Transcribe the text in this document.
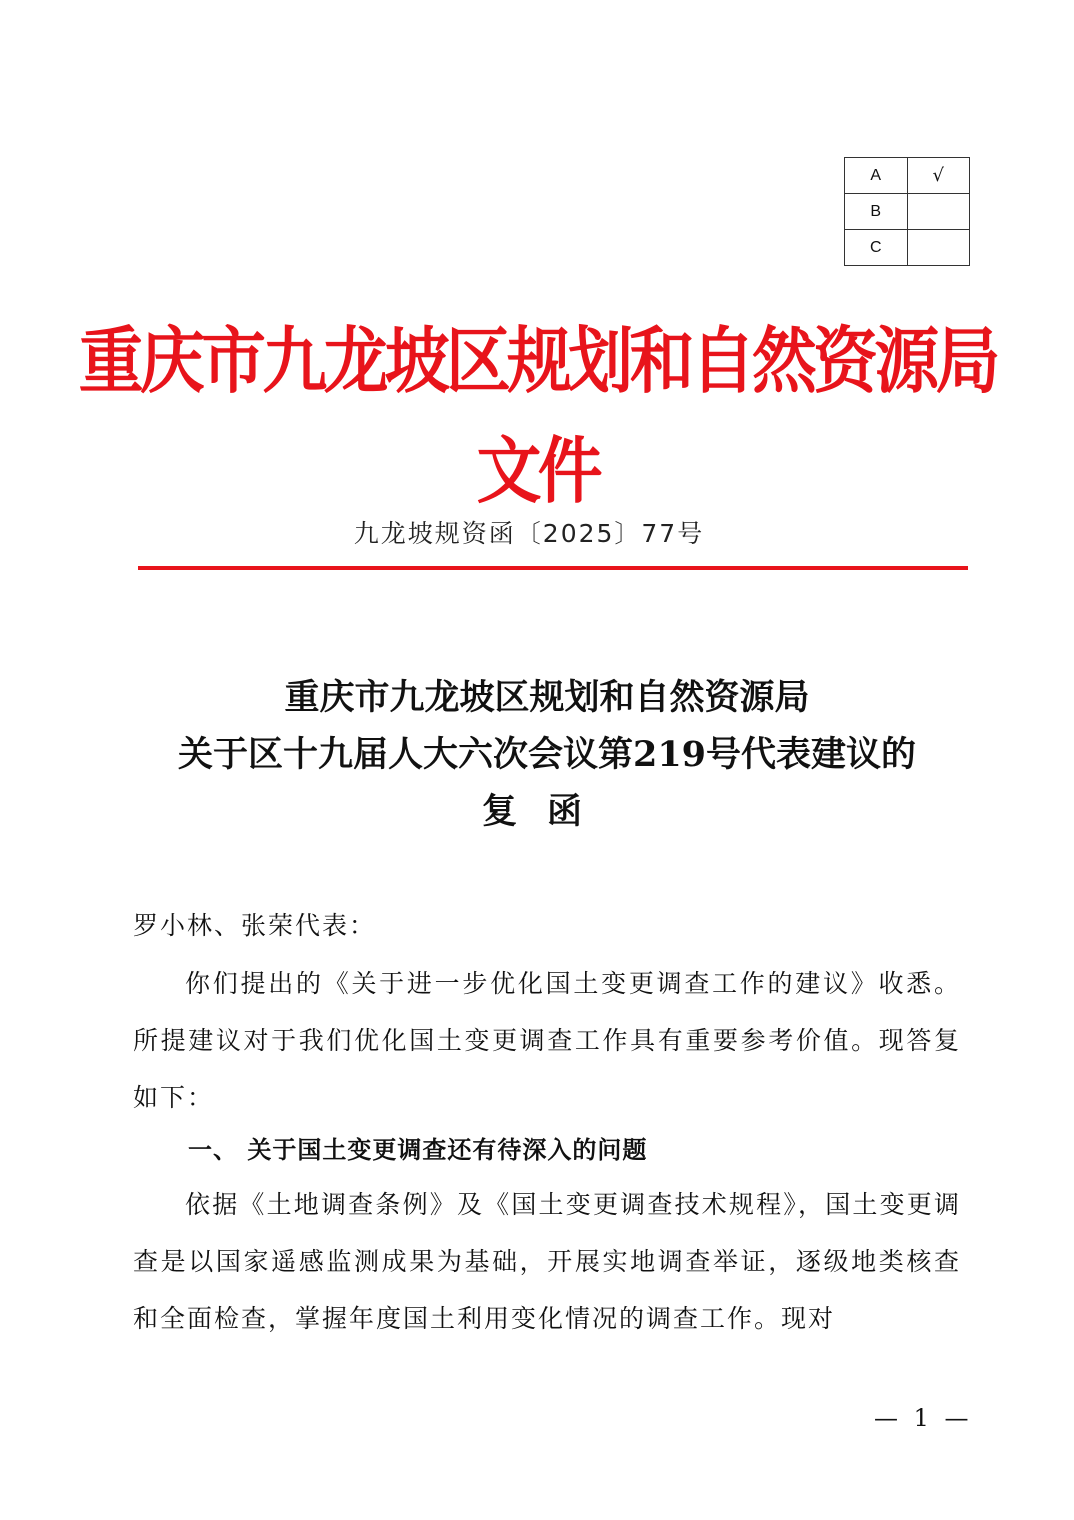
A	√
B	
C	
重庆市九龙坡区规划和自然资源局文件
九龙坡规资函〔2025〕77号
重庆市九龙坡区规划和自然资源局
关于区十九届人大六次会议第219号代表建议的
复函
罗小林、张荣代表：
你们提出的《关于进一步优化国土变更调查工作的建议》收悉。所提建议对于我们优化国土变更调查工作具有重要参考价值。现答复如下：
一、 关于国土变更调查还有待深入的问题
依据《土地调查条例》及《国土变更调查技术规程》，国土变更调查是以国家遥感监测成果为基础，开展实地调查举证，逐级地类核查和全面检查，掌握年度国土利用变化情况的调查工作。现对
— 1 —
